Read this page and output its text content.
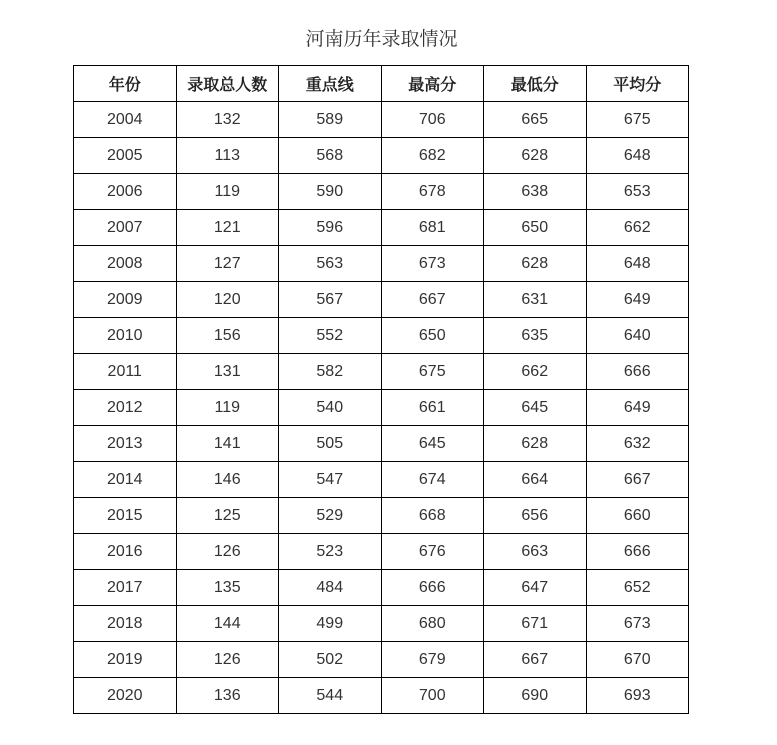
河南历年录取情况
年份	录取总人数	重点线	最高分	最低分	平均分
2004	132	589	706	665	675
2005	113	568	682	628	648
2006	119	590	678	638	653
2007	121	596	681	650	662
2008	127	563	673	628	648
2009	120	567	667	631	649
2010	156	552	650	635	640
2011	131	582	675	662	666
2012	119	540	661	645	649
2013	141	505	645	628	632
2014	146	547	674	664	667
2015	125	529	668	656	660
2016	126	523	676	663	666
2017	135	484	666	647	652
2018	144	499	680	671	673
2019	126	502	679	667	670
2020	136	544	700	690	693
